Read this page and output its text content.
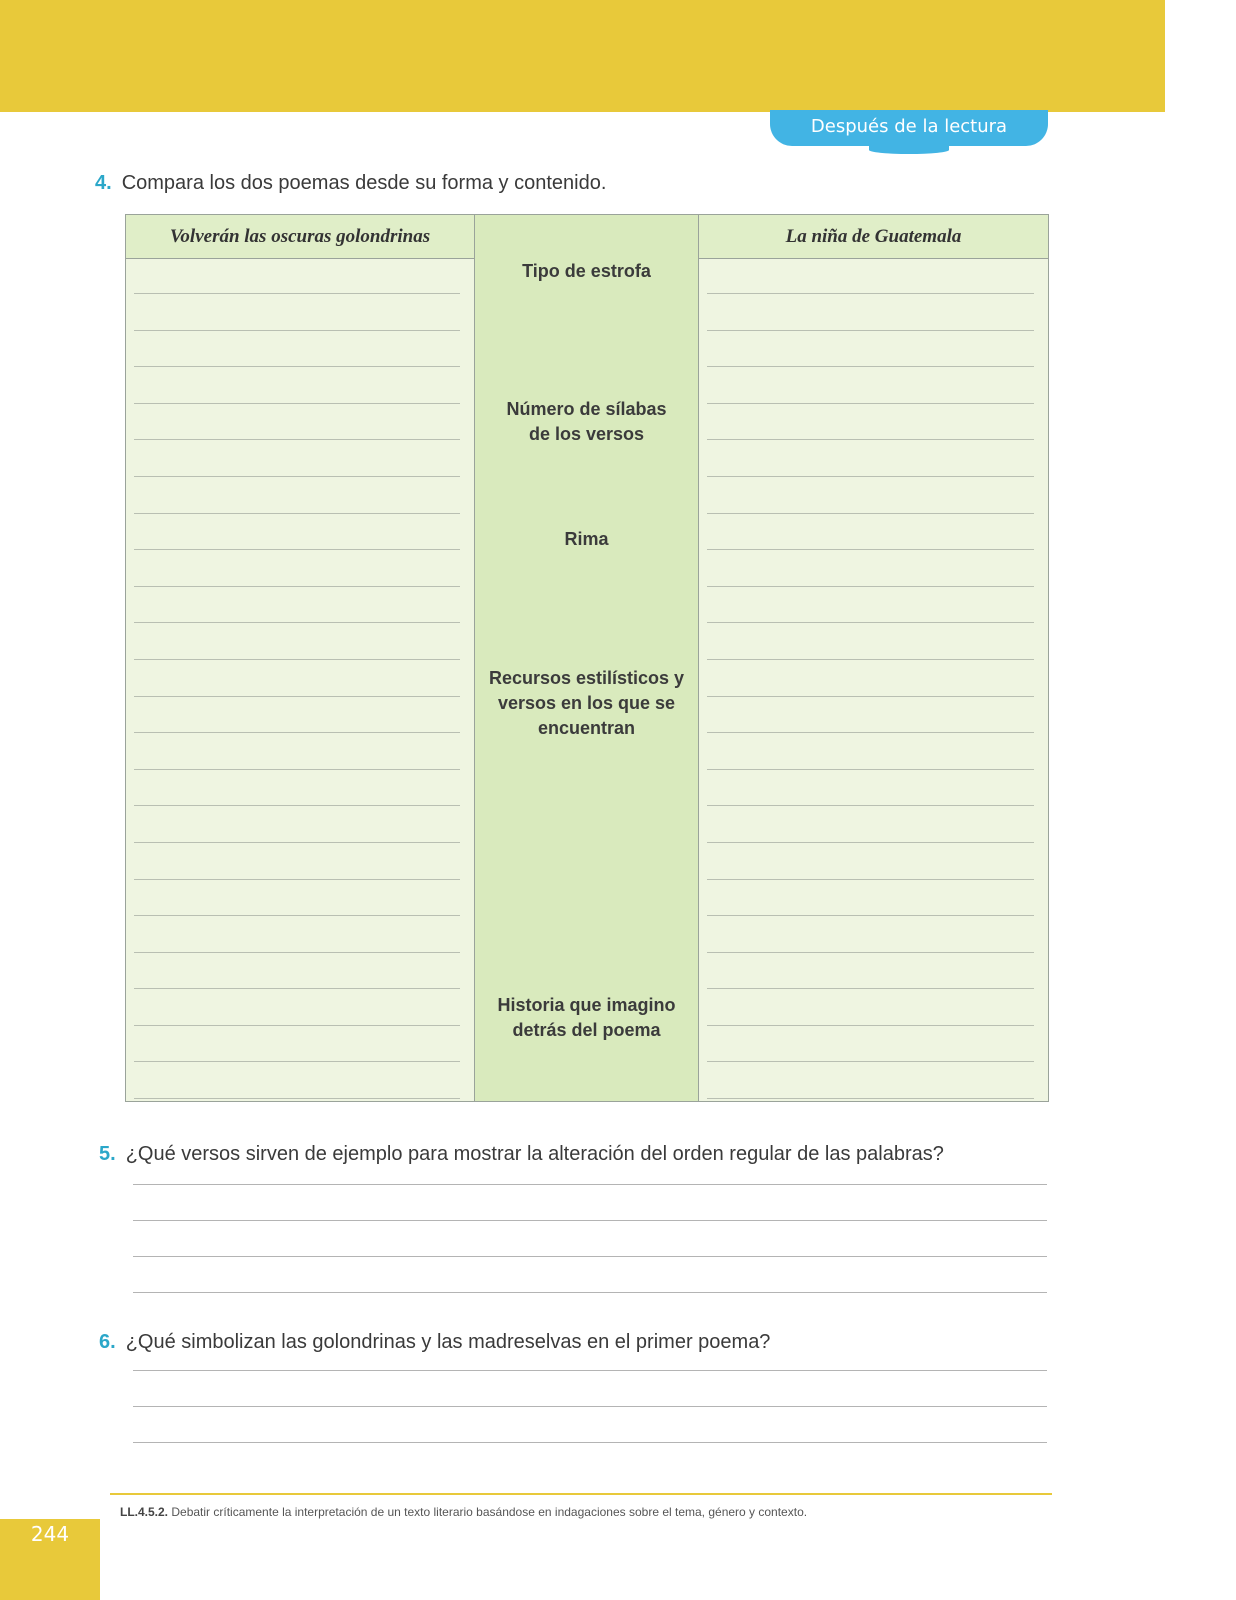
Después de la lectura
4. Compara los dos poemas desde su forma y contenido.
Volverán las oscuras golondrinas
Tipo de estrofa
Número de sílabas de los versos
Rima
Recursos estilísticos y versos en los que se encuentran
Historia que imagino detrás del poema
La niña de Guatemala
5. ¿Qué versos sirven de ejemplo para mostrar la alteración del orden regular de las palabras?
6. ¿Qué simbolizan las golondrinas y las madreselvas en el primer poema?
LL.4.5.2. Debatir críticamente la interpretación de un texto literario basándose en indagaciones sobre el tema, género y contexto.
244
